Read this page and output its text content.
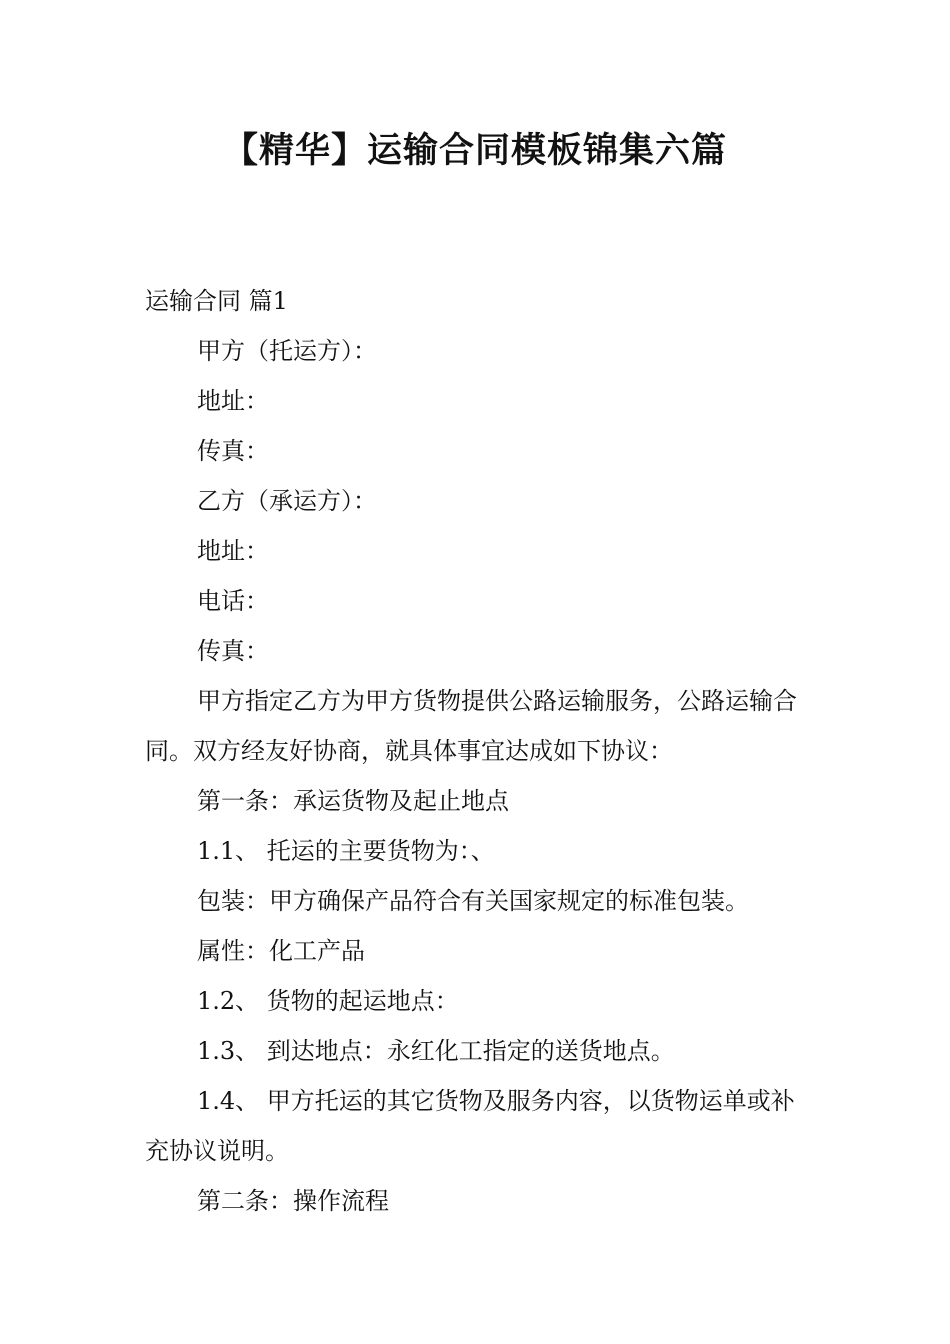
【精华】运输合同模板锦集六篇

运输合同 篇1

甲方（托运方）：

地址：

传真：

乙方（承运方）：

地址：

电话：

传真：

甲方指定乙方为甲方货物提供公路运输服务，公路运输合同。双方经友好协商，就具体事宜达成如下协议：

第一条：承运货物及起止地点

1.1、 托运的主要货物为：、

包装：甲方确保产品符合有关国家规定的标准包装。

属性：化工产品

1.2、 货物的起运地点：

1.3、 到达地点：永红化工指定的送货地点。

1.4、 甲方托运的其它货物及服务内容，以货物运单或补充协议说明。

第二条：操作流程
